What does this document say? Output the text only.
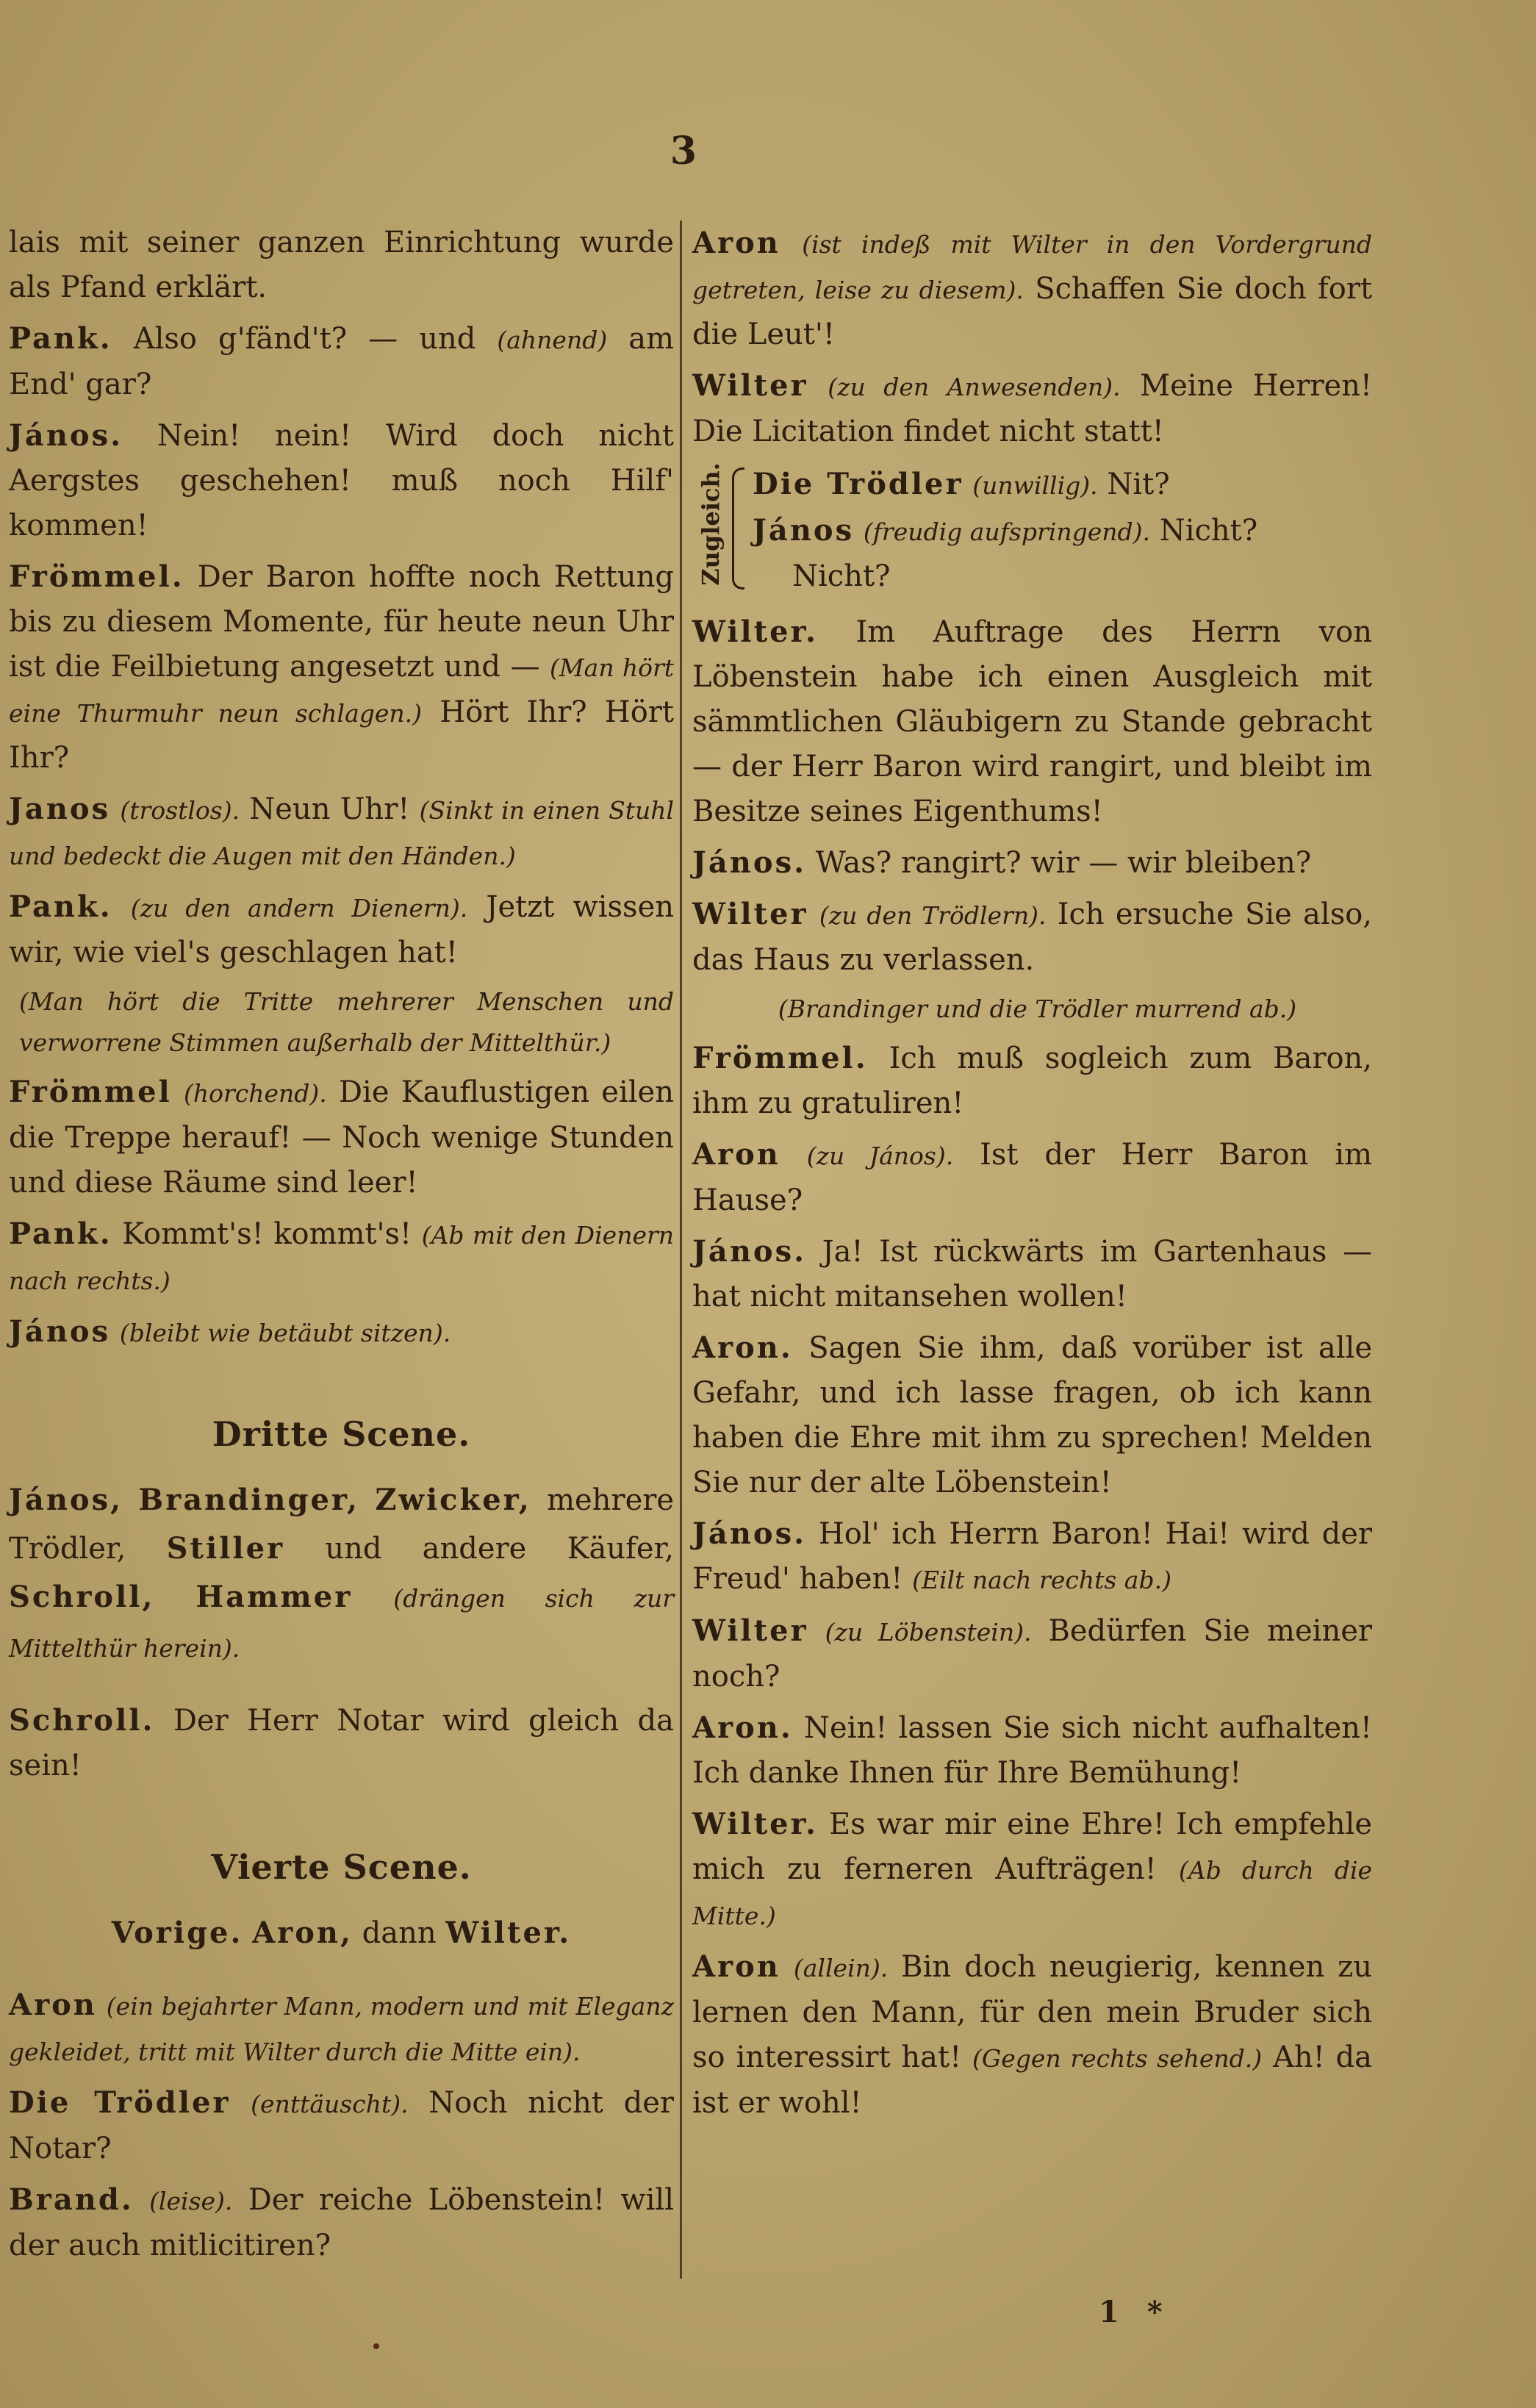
3

lais mit seiner ganzen Einrichtung wurde als Pfand erklärt.

Pank. Also g'fänd't? — und (ahnend) am End' gar?

János. Nein! nein! Wird doch nicht Aergstes geschehen! muß noch Hilf' kommen!

Frömmel. Der Baron hoffte noch Rettung bis zu diesem Momente, für heute neun Uhr ist die Feilbietung angesetzt und — (Man hört eine Thurmuhr neun schlagen.) Hört Ihr? Hört Ihr?

Janos (trostlos). Neun Uhr! (Sinkt in einen Stuhl und bedeckt die Augen mit den Händen.)

Pank. (zu den andern Dienern). Jetzt wissen wir, wie viel's geschlagen hat!

(Man hört die Tritte mehrerer Menschen und verworrene Stimmen außerhalb der Mittelthür.)

Frömmel (horchend). Die Kauflustigen eilen die Treppe herauf! — Noch wenige Stunden und diese Räume sind leer!

Pank. Kommt's! kommt's! (Ab mit den Dienern nach rechts.)

János (bleibt wie betäubt sitzen).

Dritte Scene.

János, Brandinger, Zwicker, mehrere Trödler, Stiller und andere Käufer, Schroll, Hammer (drängen sich zur Mittelthür herein).

Schroll. Der Herr Notar wird gleich da sein!

Vierte Scene.

Vorige. Aron, dann Wilter.

Aron (ein bejahrter Mann, modern und mit Eleganz gekleidet, tritt mit Wilter durch die Mitte ein).

Die Trödler (enttäuscht). Noch nicht der Notar?

Brand. (leise). Der reiche Löbenstein! will der auch mitlicitiren?

Aron (ist indeß mit Wilter in den Vordergrund getreten, leise zu diesem). Schaffen Sie doch fort die Leut'!

Wilter (zu den Anwesenden). Meine Herren! Die Licitation findet nicht statt!

Zugleich. Die Trödler (unwillig). Nit?

János (freudig aufspringend). Nicht?

Nicht?

Wilter. Im Auftrage des Herrn von Löbenstein habe ich einen Ausgleich mit sämmtlichen Gläubigern zu Stande gebracht — der Herr Baron wird rangirt, und bleibt im Besitze seines Eigenthums!

János. Was? rangirt? wir — wir bleiben?

Wilter (zu den Trödlern). Ich ersuche Sie also, das Haus zu verlassen.

(Brandinger und die Trödler murrend ab.)

Frömmel. Ich muß sogleich zum Baron, ihm zu gratuliren!

Aron (zu János). Ist der Herr Baron im Hause?

János. Ja! Ist rückwärts im Gartenhaus — hat nicht mitansehen wollen!

Aron. Sagen Sie ihm, daß vorüber ist alle Gefahr, und ich lasse fragen, ob ich kann haben die Ehre mit ihm zu sprechen! Melden Sie nur der alte Löbenstein!

János. Hol' ich Herrn Baron! Hai! wird der Freud' haben! (Eilt nach rechts ab.)

Wilter (zu Löbenstein). Bedürfen Sie meiner noch?

Aron. Nein! lassen Sie sich nicht aufhalten! Ich danke Ihnen für Ihre Bemühung!

Wilter. Es war mir eine Ehre! Ich empfehle mich zu ferneren Aufträgen! (Ab durch die Mitte.)

Aron (allein). Bin doch neugierig, kennen zu lernen den Mann, für den mein Bruder sich so interessirt hat! (Gegen rechts sehend.) Ah! da ist er wohl!

1 *
